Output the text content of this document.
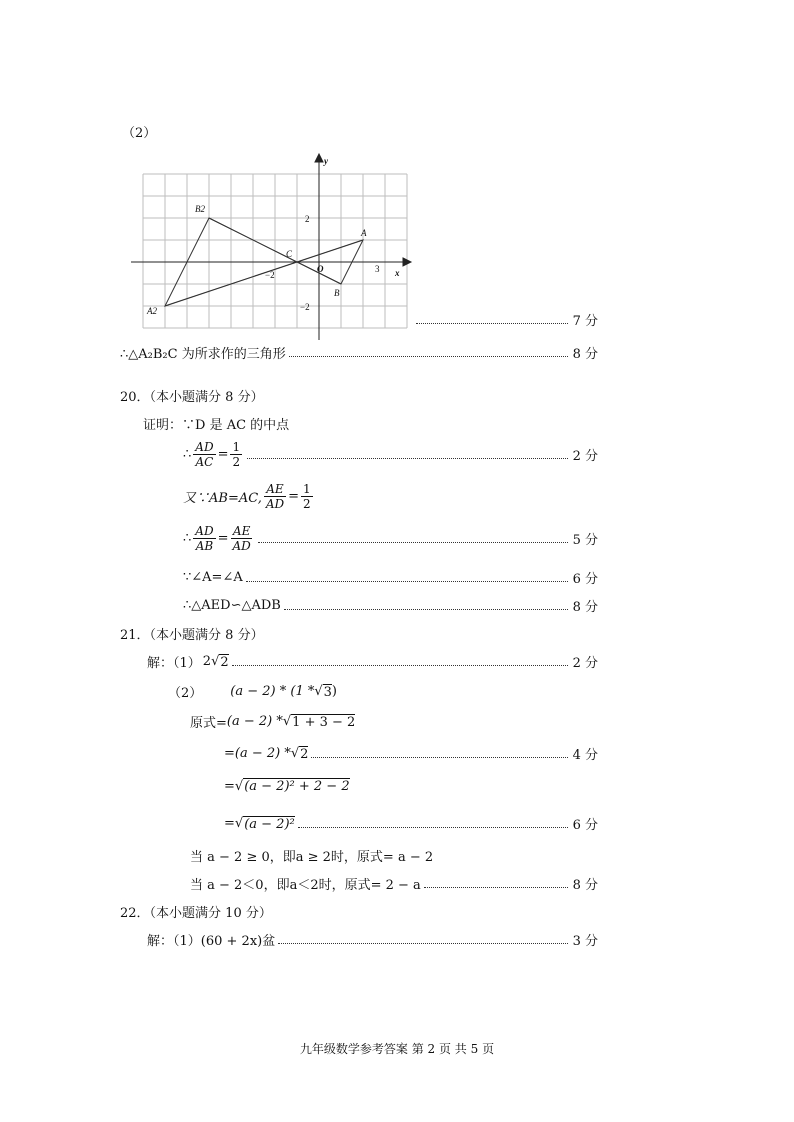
（2）
x
y
O	3
−2
2
−2
A
B
C
B2
A2
7 分
∴△A₂B₂C 为所求作的三角形	8 分
20．（本小题满分 8 分）
证明：∵D 是 AC 的中点
∴ $\frac{AD}{AC} = \frac{1}{2}$	2 分
又∵AB=AC, $\frac{AE}{AD} = \frac{1}{2}$
∴ $\frac{AD}{AB} = \frac{AE}{AD}$	5 分
∵∠A=∠A	6 分
∴△AED∽△ADB	8 分
21．（本小题满分 8 分）
解：（1） 2 √ 2	2 分
（2） (a − 2) * (1 * √ 3 )
原式= (a − 2) * √ 1 + 3 − 2
=(a − 2) * √ 2	4 分
= √ (a − 2)² + 2 − 2
= √ (a − 2)²	6 分
当 a − 2 ≥ 0，即a ≥ 2时，原式= a − 2
当 a − 2＜0，即a＜2时，原式= 2 − a	8 分
22．（本小题满分 10 分）
解：（1）(60 + 2x)盆	3 分
九年级数学参考答案 第 2 页 共 5 页
